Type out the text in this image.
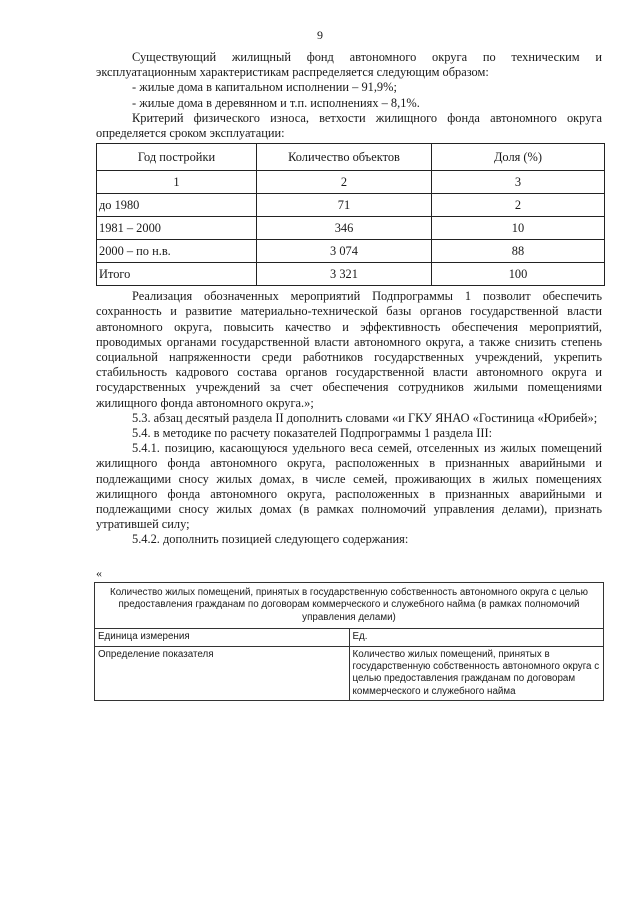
9

Существующий жилищный фонд автономного округа по техническим и эксплуатационным характеристикам распределяется следующим образом:

- жилые дома в капитальном исполнении – 91,9%;

- жилые дома в деревянном и т.п. исполнениях – 8,1%.

Критерий физического износа, ветхости жилищного фонда автономного округа определяется сроком эксплуатации:

Год постройки	Количество объектов	Доля (%)
1	2	3
до 1980	71	2
1981 – 2000	346	10
2000 – по н.в.	3 074	88
Итого	3 321	100

Реализация обозначенных мероприятий Подпрограммы 1 позволит обеспечить сохранность и развитие материально-технической базы органов государственной власти автономного округа, повысить качество и эффективность обеспечения мероприятий, проводимых органами государственной власти автономного округа, а также снизить степень социальной напряженности среди работников государственных учреждений, укрепить стабильность кадрового состава органов государственной власти автономного округа и государственных учреждений за счет обеспечения сотрудников жилыми помещениями жилищного фонда автономного округа.»;

5.3. абзац десятый раздела II дополнить словами «и ГКУ ЯНАО «Гостиница «Юрибей»;

5.4. в методике по расчету показателей Подпрограммы 1 раздела III:

5.4.1. позицию, касающуюся удельного веса семей, отселенных из жилых помещений жилищного фонда автономного округа, расположенных в признанных аварийными и подлежащими сносу жилых домах, в числе семей, проживающих в жилых помещениях жилищного фонда автономного округа, расположенных в признанных аварийными и подлежащими сносу жилых домах (в рамках полномочий управления делами), признать утратившей силу;

5.4.2. дополнить позицией следующего содержания:

«
Количество жилых помещений, принятых в государственную собственность автономного округа с целью предоставления гражданам по договорам коммерческого и служебного найма (в рамках полномочий управления делами)	
Единица измерения	Ед.
Определение показателя	Количество жилых помещений, принятых в государственную собственность автономного округа с целью предоставления гражданам по договорам коммерческого и служебного найма
